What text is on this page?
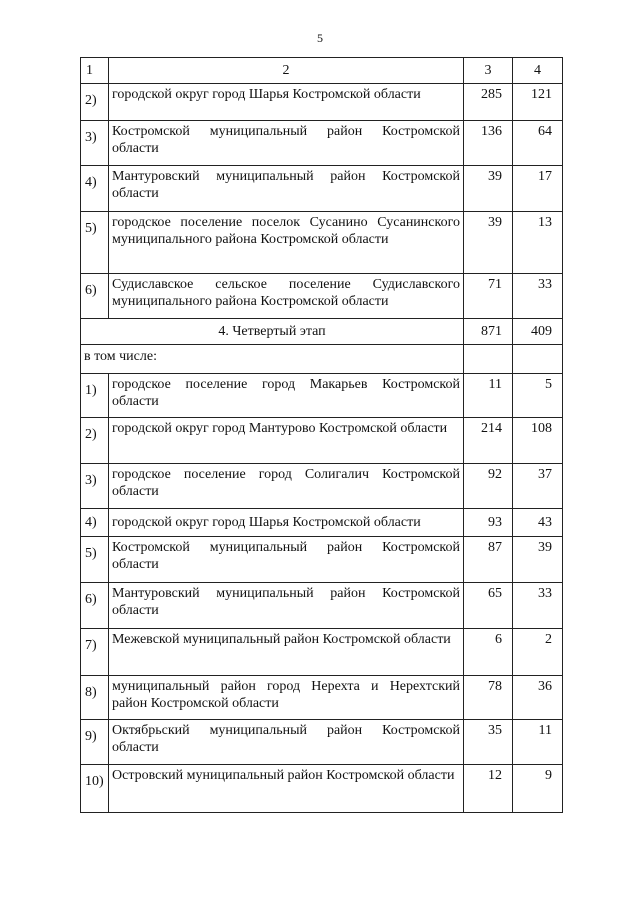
5
1	2	3	4
2)	городской округ город Шарья Костромской области	285	121
3)	Костромской муниципальный район Костромской области	136	64
4)	Мантуровский муниципальный район Костромской области	39	17
5)	городское поселение поселок Сусанино Сусанинского муниципального района Костромской области	39	13
6)	Судиславское сельское поселение Судиславского муниципального района Костромской области	71	33
4. Четвертый этап		871	409
в том числе:			
1)	городское поселение город Макарьев Костромской области	11	5
2)	городской округ город Мантурово Костромской области	214	108
3)	городское поселение город Солигалич Костромской области	92	37
4)	городской округ город Шарья Костромской области	93	43
5)	Костромской муниципальный район Костромской области	87	39
6)	Мантуровский муниципальный район Костромской области	65	33
7)	Межевской муниципальный район Костромской области	6	2
8)	муниципальный район город Нерехта и Нерехтский район Костромской области	78	36
9)	Октябрьский муниципальный район Костромской области	35	11
10)	Островский муниципальный район Костромской области	12	9
